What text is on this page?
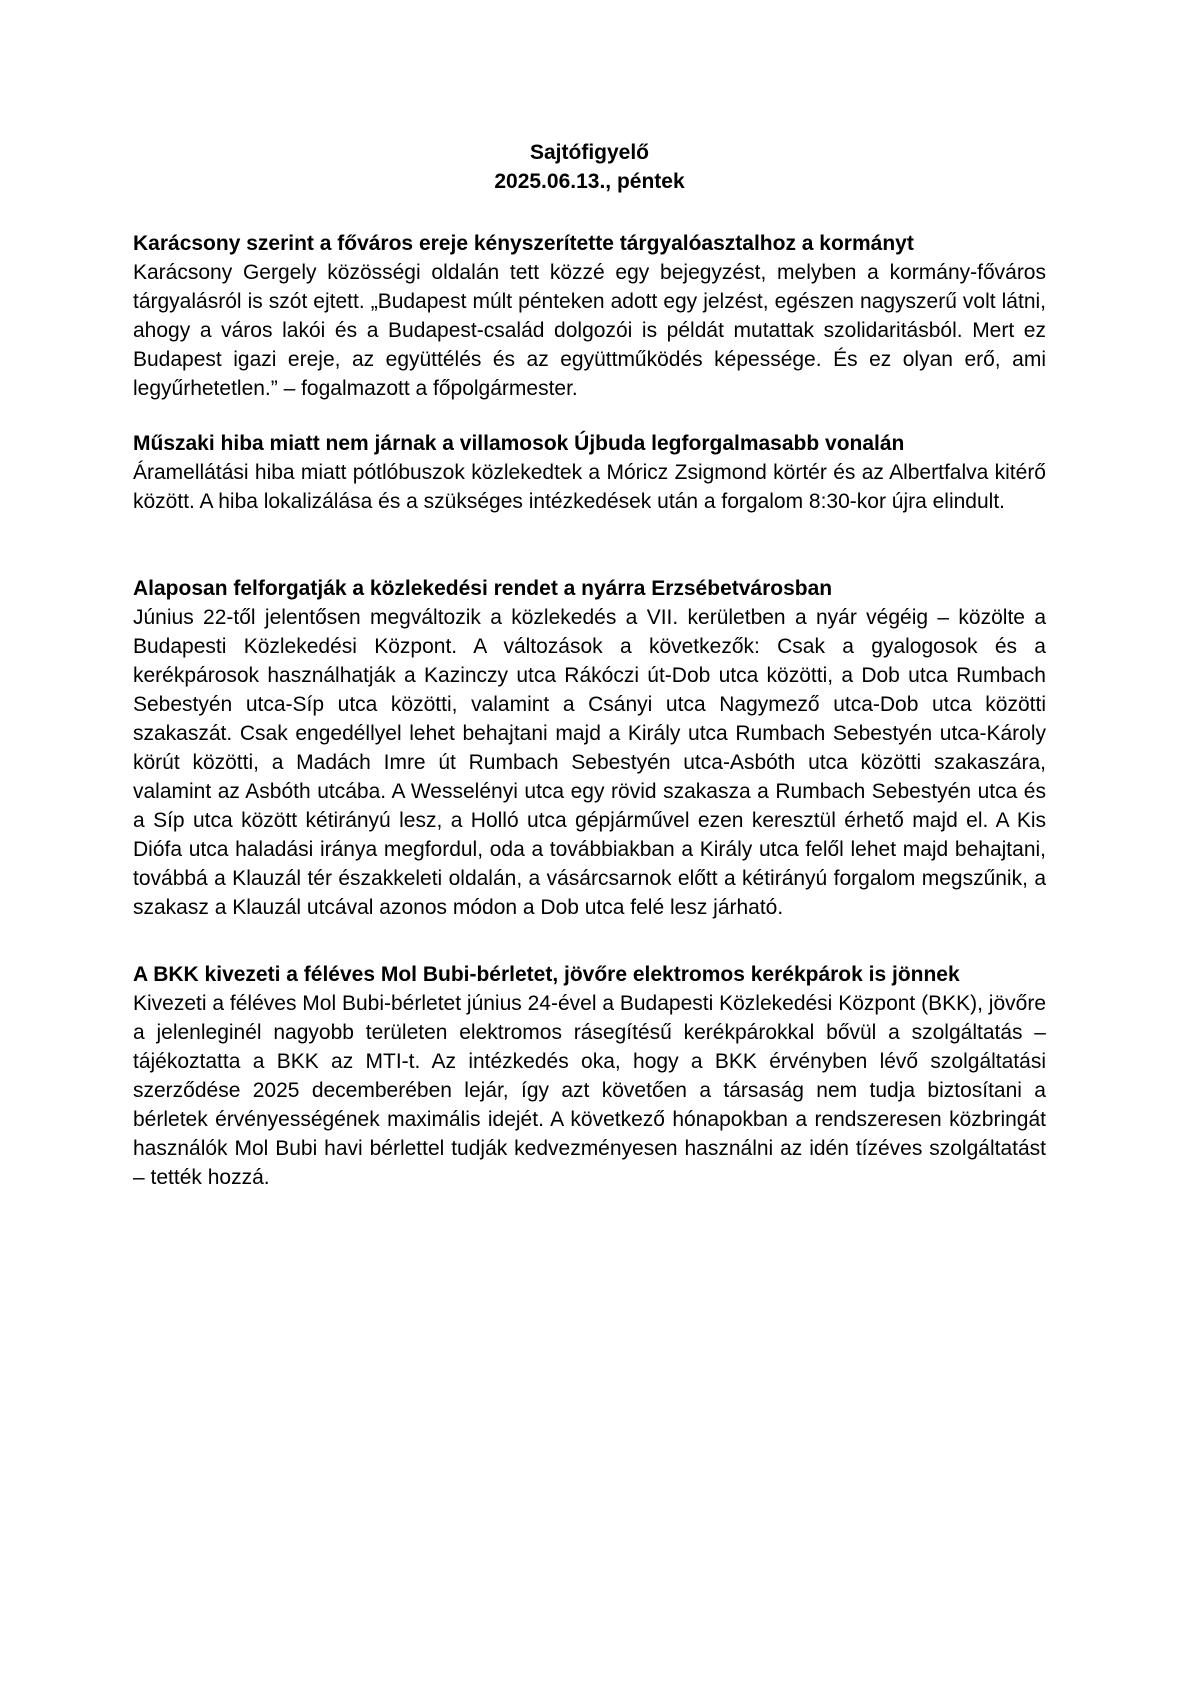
Sajtófigyelő
2025.06.13., péntek
Karácsony szerint a főváros ereje kényszerítette tárgyalóasztalhoz a kormányt

Karácsony Gergely közösségi oldalán tett közzé egy bejegyzést, melyben a kormány-főváros tárgyalásról is szót ejtett. „Budapest múlt pénteken adott egy jelzést, egészen nagyszerű volt látni, ahogy a város lakói és a Budapest-család dolgozói is példát mutattak szolidaritásból. Mert ez Budapest igazi ereje, az együttélés és az együttműködés képessége. És ez olyan erő, ami legyűrhetetlen.” – fogalmazott a főpolgármester.

Műszaki hiba miatt nem járnak a villamosok Újbuda legforgalmasabb vonalán

Áramellátási hiba miatt pótlóbuszok közlekedtek a Móricz Zsigmond körtér és az Albertfalva kitérő között. A hiba lokalizálása és a szükséges intézkedések után a forgalom 8:30-kor újra elindult.

Alaposan felforgatják a közlekedési rendet a nyárra Erzsébetvárosban

Június 22-től jelentősen megváltozik a közlekedés a VII. kerületben a nyár végéig – közölte a Budapesti Közlekedési Központ. A változások a következők: Csak a gyalogosok és a kerékpárosok használhatják a Kazinczy utca Rákóczi út-Dob utca közötti, a Dob utca Rumbach Sebestyén utca-Síp utca közötti, valamint a Csányi utca Nagymező utca-Dob utca közötti szakaszát. Csak engedéllyel lehet behajtani majd a Király utca Rumbach Sebestyén utca-Károly körút közötti, a Madách Imre út Rumbach Sebestyén utca-Asbóth utca közötti szakaszára, valamint az Asbóth utcába. A Wesselényi utca egy rövid szakasza a Rumbach Sebestyén utca és a Síp utca között kétirányú lesz, a Holló utca gépjárművel ezen keresztül érhető majd el. A Kis Diófa utca haladási iránya megfordul, oda a továbbiakban a Király utca felől lehet majd behajtani, továbbá a Klauzál tér északkeleti oldalán, a vásárcsarnok előtt a kétirányú forgalom megszűnik, a szakasz a Klauzál utcával azonos módon a Dob utca felé lesz járható.

A BKK kivezeti a féléves Mol Bubi-bérletet, jövőre elektromos kerékpárok is jönnek

Kivezeti a féléves Mol Bubi-bérletet június 24-ével a Budapesti Közlekedési Központ (BKK), jövőre a jelenleginél nagyobb területen elektromos rásegítésű kerékpárokkal bővül a szolgáltatás – tájékoztatta a BKK az MTI-t. Az intézkedés oka, hogy a BKK érvényben lévő szolgáltatási szerződése 2025 decemberében lejár, így azt követően a társaság nem tudja biztosítani a bérletek érvényességének maximális idejét. A következő hónapokban a rendszeresen közbringát használók Mol Bubi havi bérlettel tudják kedvezményesen használni az idén tízéves szolgáltatást – tették hozzá.
